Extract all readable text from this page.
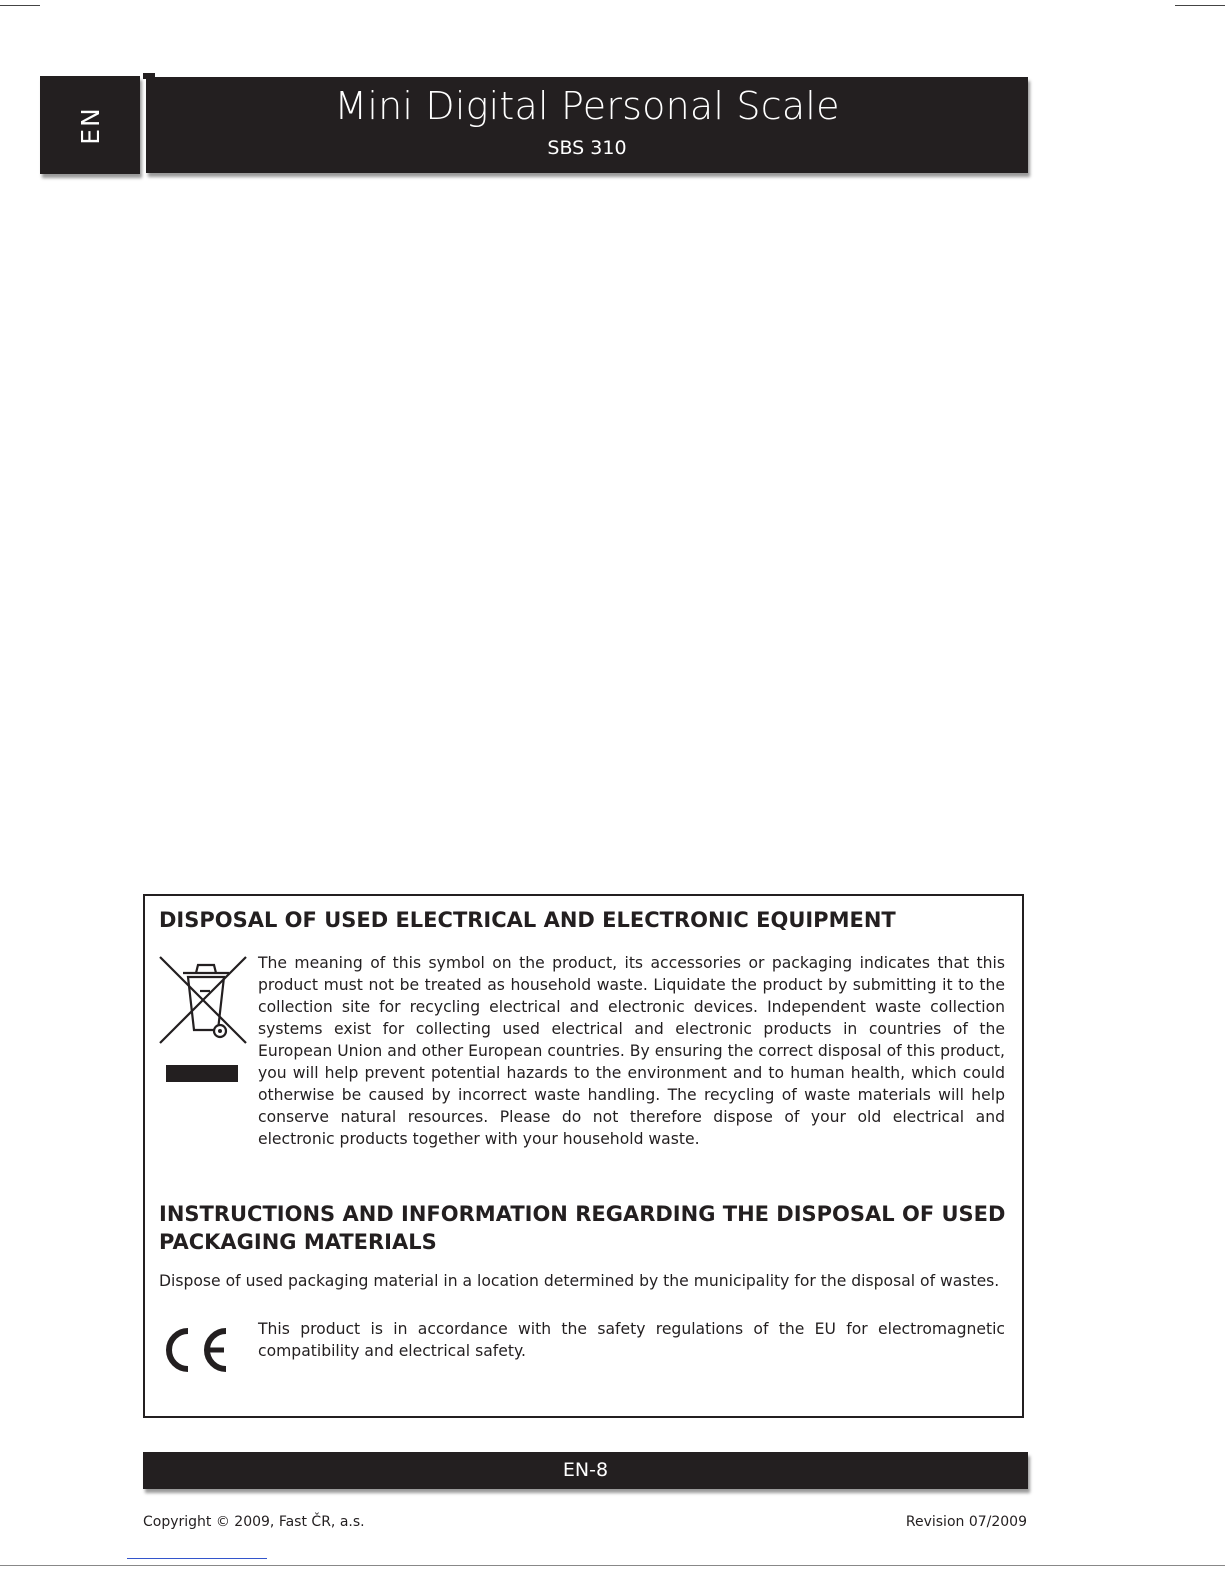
EN	Mini Digital Personal Scale
SBS 310
DISPOSAL OF USED ELECTRICAL AND ELECTRONIC EQUIPMENT
The meaning of this symbol on the product, its accessories or packaging indicates that this product must not be treated as household waste. Liquidate the product by submitting it to the collection site for recycling electrical and electronic devices. Independent waste collection systems exist for collecting used electrical and electronic products in countries of the European Union and other European countries. By ensuring the correct disposal of this product, you will help prevent potential hazards to the environment and to human health, which could otherwise be caused by incorrect waste handling. The recycling of waste materials will help conserve natural resources. Please do not therefore dispose of your old electrical and electronic products together with your household waste.
INSTRUCTIONS AND INFORMATION REGARDING THE DISPOSAL OF USED
PACKAGING MATERIALS
Dispose of used packaging material in a location determined by the municipality for the disposal of wastes.
This product is in accordance with the safety regulations of the EU for electromagnetic compatibility and electrical safety.
EN-8
Copyright © 2009, Fast ČR, a.s.	Revision 07/2009
